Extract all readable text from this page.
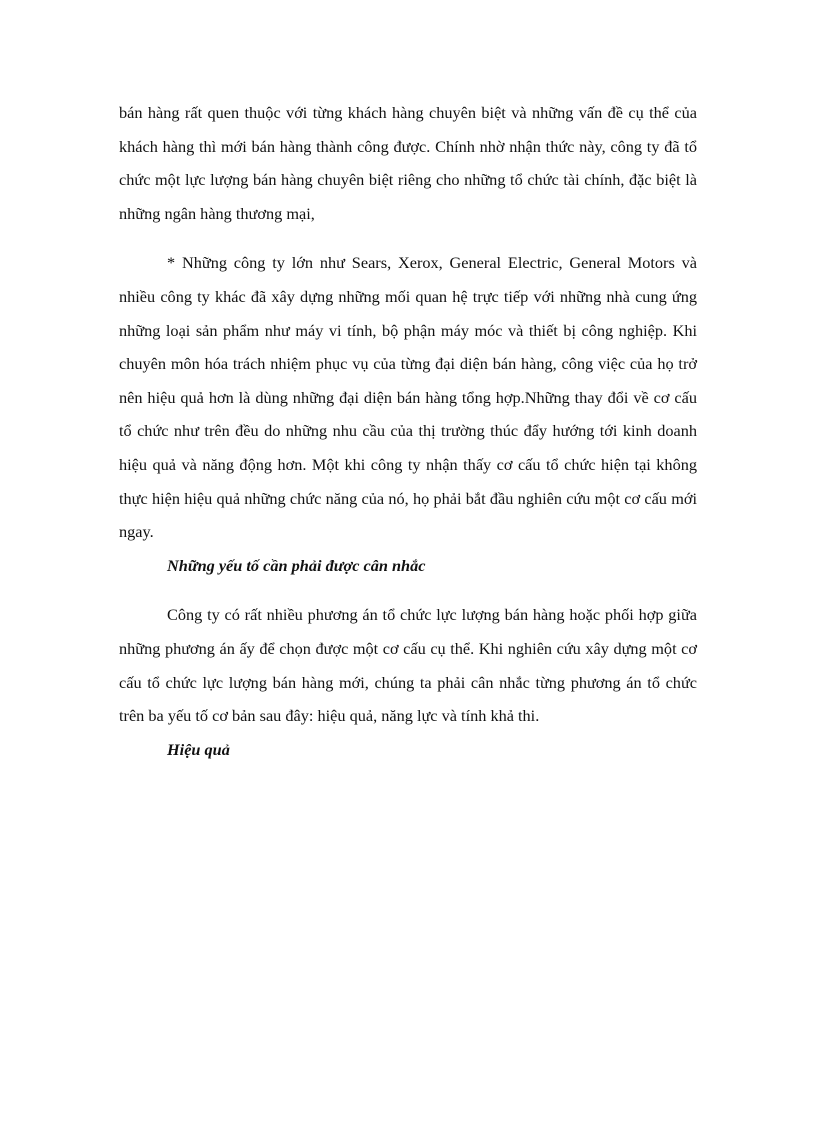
bán hàng rất quen thuộc với từng khách hàng chuyên biệt và những vấn đề cụ thể của khách hàng thì mới bán hàng thành công được. Chính nhờ nhận thức này, công ty đã tổ chức một lực lượng bán hàng chuyên biệt riêng cho những tổ chức tài chính, đặc biệt là những ngân hàng thương mại,

* Những công ty lớn như Sears, Xerox, General Electric, General Motors và nhiều công ty khác đã xây dựng những mối quan hệ trực tiếp với những nhà cung ứng những loại sản phẩm như máy vi tính, bộ phận máy móc và thiết bị công nghiệp. Khi chuyên môn hóa trách nhiệm phục vụ của từng đại diện bán hàng, công việc của họ trở nên hiệu quả hơn là dùng những đại diện bán hàng tổng hợp.Những thay đổi về cơ cấu tổ chức như trên đều do những nhu cầu của thị trường thúc đẩy hướng tới kinh doanh hiệu quả và năng động hơn. Một khi công ty nhận thấy cơ cấu tổ chức hiện tại không thực hiện hiệu quả những chức năng của nó, họ phải bắt đầu nghiên cứu một cơ cấu mới ngay.

Những yếu tố cần phải được cân nhắc

Công ty có rất nhiều phương án tổ chức lực lượng bán hàng hoặc phối hợp giữa những phương án ấy để chọn được một cơ cấu cụ thể. Khi nghiên cứu xây dựng một cơ cấu tổ chức lực lượng bán hàng mới, chúng ta phải cân nhắc từng phương án tổ chức trên ba yếu tố cơ bản sau đây: hiệu quả, năng lực và tính khả thi.

Hiệu quả
